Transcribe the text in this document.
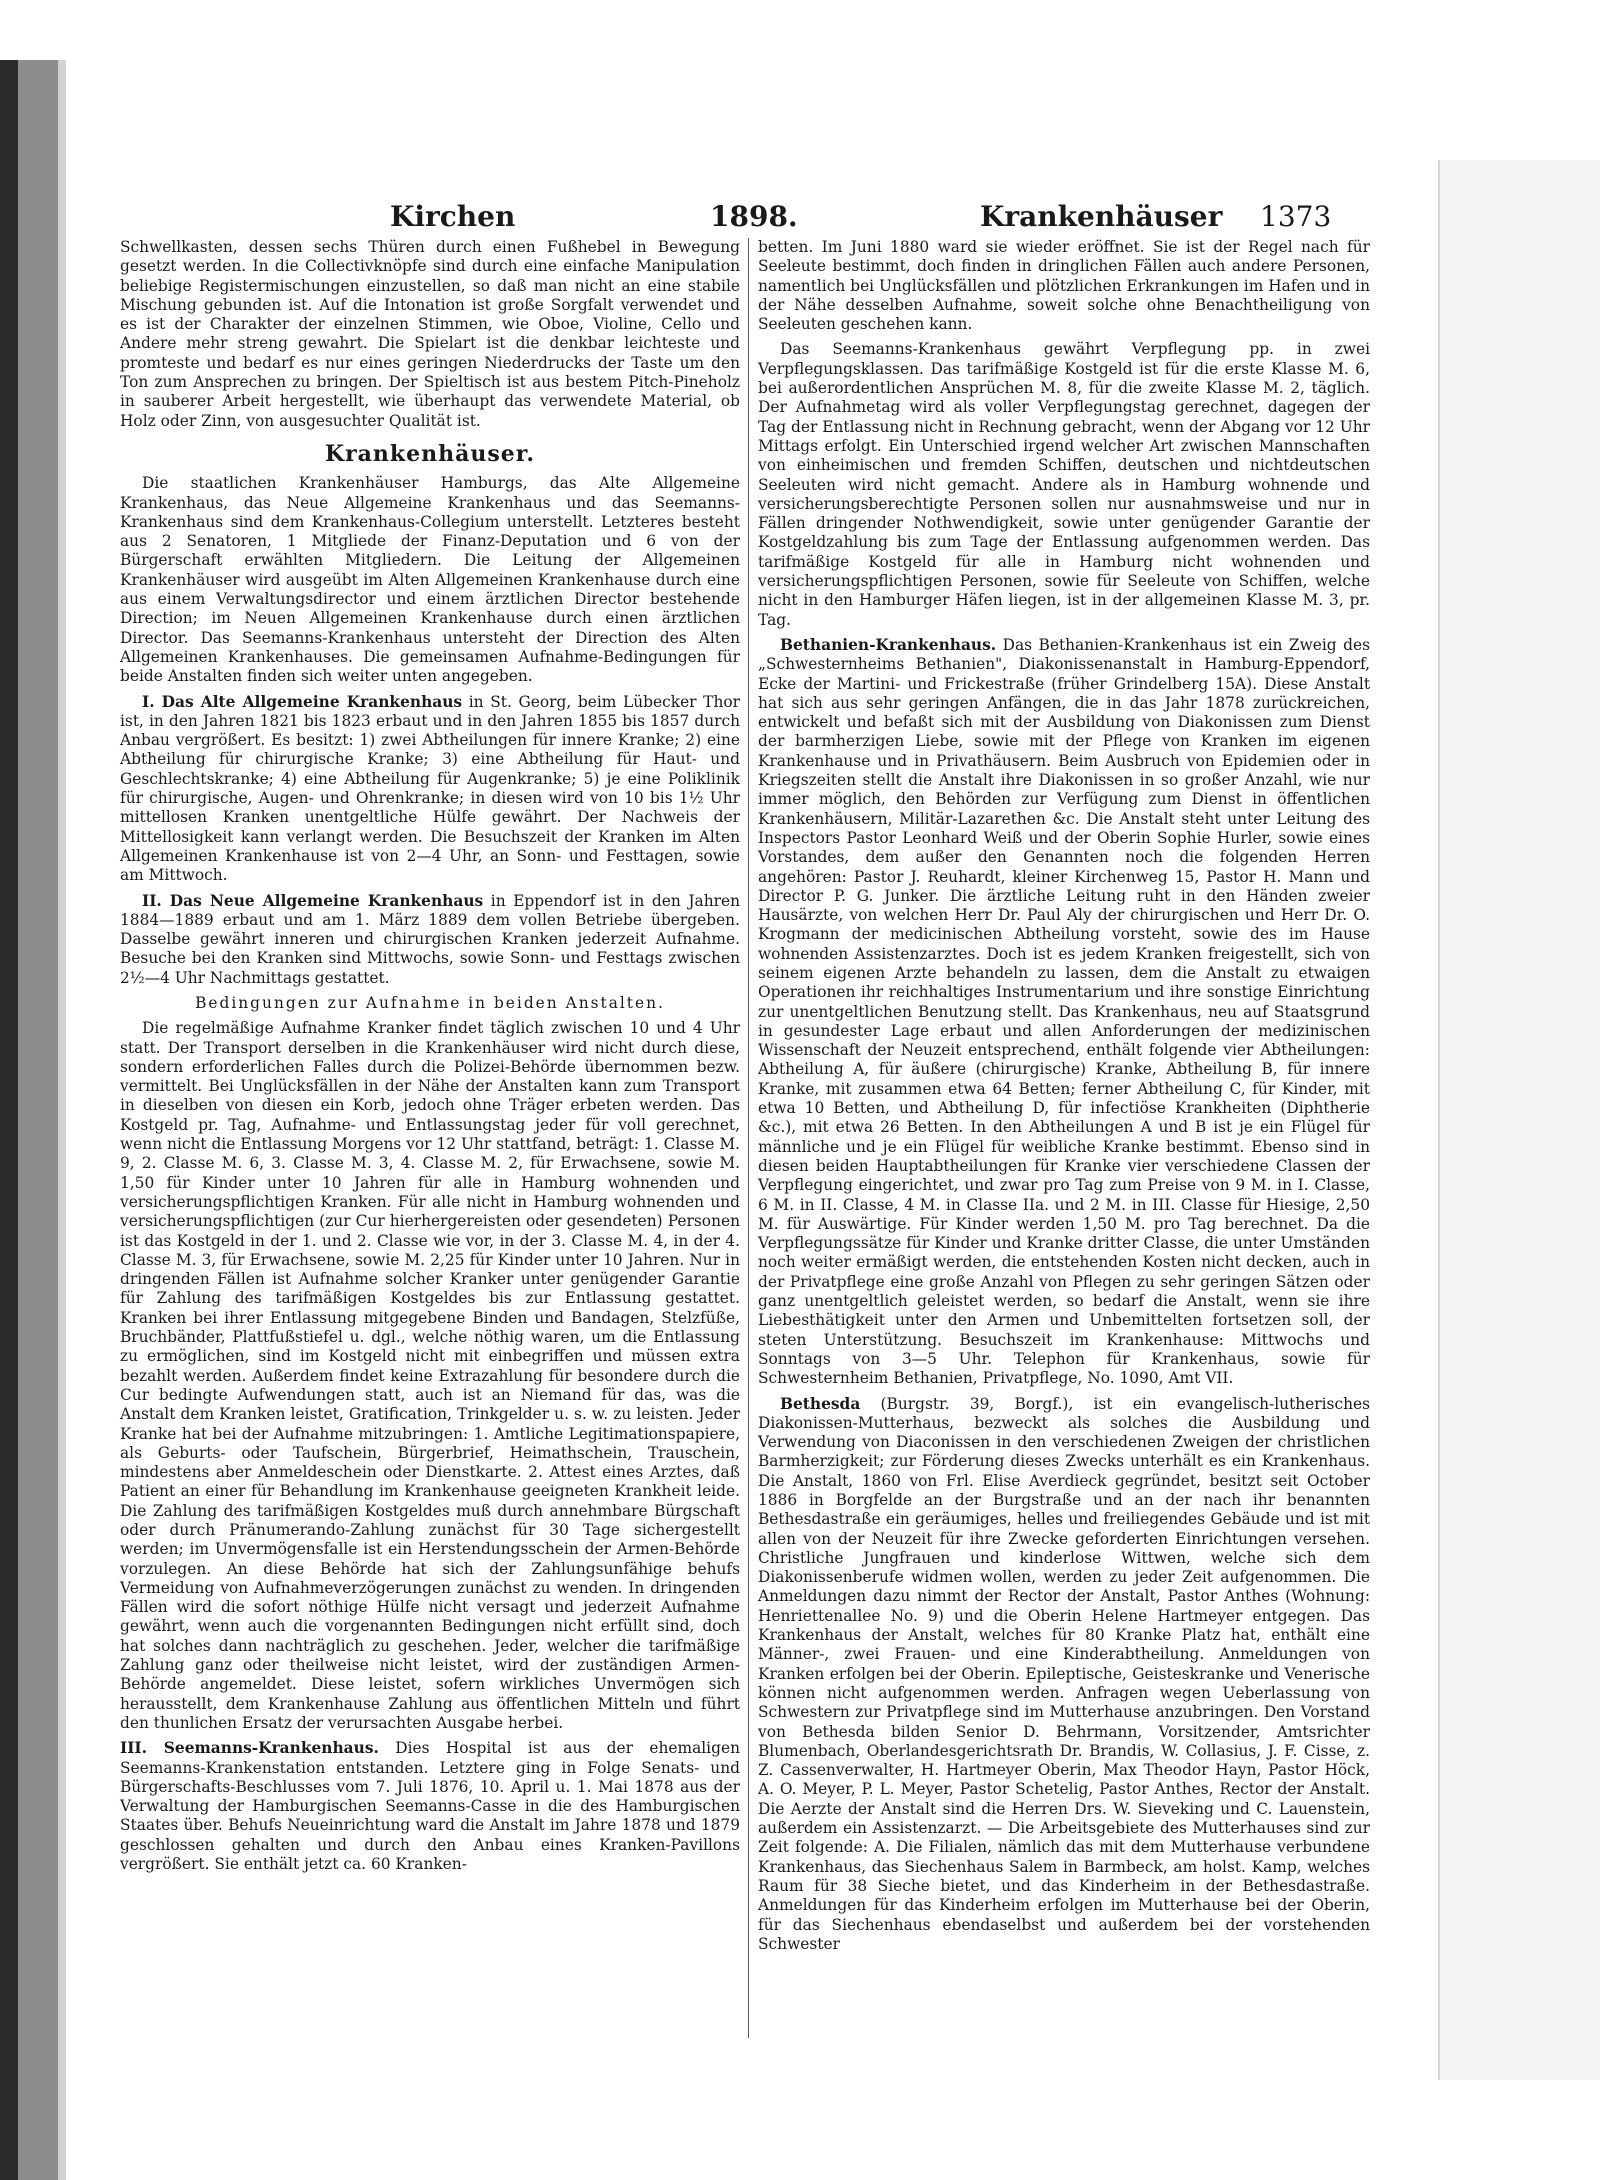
Kirchen	1898.	Krankenhäuser 1373

Schwellkasten, dessen sechs Thüren durch einen Fußhebel in Bewegung gesetzt werden. In die Collectivknöpfe sind durch eine einfache Manipulation beliebige Registermischungen einzustellen, so daß man nicht an eine stabile Mischung gebunden ist. Auf die Intonation ist große Sorgfalt verwendet und es ist der Charakter der einzelnen Stimmen, wie Oboe, Violine, Cello und Andere mehr streng gewahrt. Die Spielart ist die denkbar leichteste und promteste und bedarf es nur eines geringen Niederdrucks der Taste um den Ton zum Ansprechen zu bringen. Der Spieltisch ist aus bestem Pitch-Pineholz in sauberer Arbeit hergestellt, wie überhaupt das verwendete Material, ob Holz oder Zinn, von ausgesuchter Qualität ist.

Krankenhäuser.

Die staatlichen Krankenhäuser Hamburgs, das Alte Allgemeine Krankenhaus, das Neue Allgemeine Krankenhaus und das Seemanns-Krankenhaus sind dem Krankenhaus-Collegium unterstellt. Letzteres besteht aus 2 Senatoren, 1 Mitgliede der Finanz-Deputation und 6 von der Bürgerschaft erwählten Mitgliedern. Die Leitung der Allgemeinen Krankenhäuser wird ausgeübt im Alten Allgemeinen Krankenhause durch eine aus einem Verwaltungsdirector und einem ärztlichen Director bestehende Direction; im Neuen Allgemeinen Krankenhause durch einen ärztlichen Director. Das Seemanns-Krankenhaus untersteht der Direction des Alten Allgemeinen Krankenhauses. Die gemeinsamen Aufnahme-Bedingungen für beide Anstalten finden sich weiter unten angegeben.

I. Das Alte Allgemeine Krankenhaus in St. Georg, beim Lübecker Thor ist, in den Jahren 1821 bis 1823 erbaut und in den Jahren 1855 bis 1857 durch Anbau vergrößert. Es besitzt: 1) zwei Abtheilungen für innere Kranke; 2) eine Abtheilung für chirurgische Kranke; 3) eine Abtheilung für Haut- und Geschlechtskranke; 4) eine Abtheilung für Augenkranke; 5) je eine Poliklinik für chirurgische, Augen- und Ohrenkranke; in diesen wird von 10 bis 1½ Uhr mittellosen Kranken unentgeltliche Hülfe gewährt. Der Nachweis der Mittellosigkeit kann verlangt werden. Die Besuchszeit der Kranken im Alten Allgemeinen Krankenhause ist von 2—4 Uhr, an Sonn- und Festtagen, sowie am Mittwoch.

II. Das Neue Allgemeine Krankenhaus in Eppendorf ist in den Jahren 1884—1889 erbaut und am 1. März 1889 dem vollen Betriebe übergeben. Dasselbe gewährt inneren und chirurgischen Kranken jederzeit Aufnahme. Besuche bei den Kranken sind Mittwochs, sowie Sonn- und Festtags zwischen 2½—4 Uhr Nachmittags gestattet.

Bedingungen zur Aufnahme in beiden Anstalten.

Die regelmäßige Aufnahme Kranker findet täglich zwischen 10 und 4 Uhr statt. Der Transport derselben in die Krankenhäuser wird nicht durch diese, sondern erforderlichen Falles durch die Polizei-Behörde übernommen bezw. vermittelt. Bei Unglücksfällen in der Nähe der Anstalten kann zum Transport in dieselben von diesen ein Korb, jedoch ohne Träger erbeten werden. Das Kostgeld pr. Tag, Aufnahme- und Entlassungstag jeder für voll gerechnet, wenn nicht die Entlassung Morgens vor 12 Uhr stattfand, beträgt: 1. Classe M. 9, 2. Classe M. 6, 3. Classe M. 3, 4. Classe M. 2, für Erwachsene, sowie M. 1,50 für Kinder unter 10 Jahren für alle in Hamburg wohnenden und versicherungspflichtigen Kranken. Für alle nicht in Hamburg wohnenden und versicherungspflichtigen (zur Cur hierhergereisten oder gesendeten) Personen ist das Kostgeld in der 1. und 2. Classe wie vor, in der 3. Classe M. 4, in der 4. Classe M. 3, für Erwachsene, sowie M. 2,25 für Kinder unter 10 Jahren. Nur in dringenden Fällen ist Aufnahme solcher Kranker unter genügender Garantie für Zahlung des tarifmäßigen Kostgeldes bis zur Entlassung gestattet. Kranken bei ihrer Entlassung mitgegebene Binden und Bandagen, Stelzfüße, Bruchbänder, Plattfußstiefel u. dgl., welche nöthig waren, um die Entlassung zu ermöglichen, sind im Kostgeld nicht mit einbegriffen und müssen extra bezahlt werden. Außerdem findet keine Extrazahlung für besondere durch die Cur bedingte Aufwendungen statt, auch ist an Niemand für das, was die Anstalt dem Kranken leistet, Gratification, Trinkgelder u. s. w. zu leisten. Jeder Kranke hat bei der Aufnahme mitzubringen: 1. Amtliche Legitimationspapiere, als Geburts- oder Taufschein, Bürgerbrief, Heimathschein, Trauschein, mindestens aber Anmeldeschein oder Dienstkarte. 2. Attest eines Arztes, daß Patient an einer für Behandlung im Krankenhause geeigneten Krankheit leide. Die Zahlung des tarifmäßigen Kostgeldes muß durch annehmbare Bürgschaft oder durch Pränumerando-Zahlung zunächst für 30 Tage sichergestellt werden; im Unvermögensfalle ist ein Herstendungsschein der Armen-Behörde vorzulegen. An diese Behörde hat sich der Zahlungsunfähige behufs Vermeidung von Aufnahmeverzögerungen zunächst zu wenden. In dringenden Fällen wird die sofort nöthige Hülfe nicht versagt und jederzeit Aufnahme gewährt, wenn auch die vorgenannten Bedingungen nicht erfüllt sind, doch hat solches dann nachträglich zu geschehen. Jeder, welcher die tarifmäßige Zahlung ganz oder theilweise nicht leistet, wird der zuständigen Armen-Behörde angemeldet. Diese leistet, sofern wirkliches Unvermögen sich herausstellt, dem Krankenhause Zahlung aus öffentlichen Mitteln und führt den thunlichen Ersatz der verursachten Ausgabe herbei.

III. Seemanns-Krankenhaus. Dies Hospital ist aus der ehemaligen Seemanns-Krankenstation entstanden. Letztere ging in Folge Senats- und Bürgerschafts-Beschlusses vom 7. Juli 1876, 10. April u. 1. Mai 1878 aus der Verwaltung der Hamburgischen Seemanns-Casse in die des Hamburgischen Staates über. Behufs Neueinrichtung ward die Anstalt im Jahre 1878 und 1879 geschlossen gehalten und durch den Anbau eines Kranken-Pavillons vergrößert. Sie enthält jetzt ca. 60 Kranken-

betten. Im Juni 1880 ward sie wieder eröffnet. Sie ist der Regel nach für Seeleute bestimmt, doch finden in dringlichen Fällen auch andere Personen, namentlich bei Unglücksfällen und plötzlichen Erkrankungen im Hafen und in der Nähe desselben Aufnahme, soweit solche ohne Benachtheiligung von Seeleuten geschehen kann.

Das Seemanns-Krankenhaus gewährt Verpflegung pp. in zwei Verpflegungsklassen. Das tarifmäßige Kostgeld ist für die erste Klasse M. 6, bei außerordentlichen Ansprüchen M. 8, für die zweite Klasse M. 2, täglich. Der Aufnahmetag wird als voller Verpflegungstag gerechnet, dagegen der Tag der Entlassung nicht in Rechnung gebracht, wenn der Abgang vor 12 Uhr Mittags erfolgt. Ein Unterschied irgend welcher Art zwischen Mannschaften von einheimischen und fremden Schiffen, deutschen und nichtdeutschen Seeleuten wird nicht gemacht. Andere als in Hamburg wohnende und versicherungsberechtigte Personen sollen nur ausnahmsweise und nur in Fällen dringender Nothwendigkeit, sowie unter genügender Garantie der Kostgeldzahlung bis zum Tage der Entlassung aufgenommen werden. Das tarifmäßige Kostgeld für alle in Hamburg nicht wohnenden und versicherungspflichtigen Personen, sowie für Seeleute von Schiffen, welche nicht in den Hamburger Häfen liegen, ist in der allgemeinen Klasse M. 3, pr. Tag.

Bethanien-Krankenhaus. Das Bethanien-Krankenhaus ist ein Zweig des „Schwesternheims Bethanien", Diakonissenanstalt in Hamburg-Eppendorf, Ecke der Martini- und Frickestraße (früher Grindelberg 15A). Diese Anstalt hat sich aus sehr geringen Anfängen, die in das Jahr 1878 zurückreichen, entwickelt und befaßt sich mit der Ausbildung von Diakonissen zum Dienst der barmherzigen Liebe, sowie mit der Pflege von Kranken im eigenen Krankenhause und in Privathäusern. Beim Ausbruch von Epidemien oder in Kriegszeiten stellt die Anstalt ihre Diakonissen in so großer Anzahl, wie nur immer möglich, den Behörden zur Verfügung zum Dienst in öffentlichen Krankenhäusern, Militär-Lazarethen &c. Die Anstalt steht unter Leitung des Inspectors Pastor Leonhard Weiß und der Oberin Sophie Hurler, sowie eines Vorstandes, dem außer den Genannten noch die folgenden Herren angehören: Pastor J. Reuhardt, kleiner Kirchenweg 15, Pastor H. Mann und Director P. G. Junker. Die ärztliche Leitung ruht in den Händen zweier Hausärzte, von welchen Herr Dr. Paul Aly der chirurgischen und Herr Dr. O. Krogmann der medicinischen Abtheilung vorsteht, sowie des im Hause wohnenden Assistenzarztes. Doch ist es jedem Kranken freigestellt, sich von seinem eigenen Arzte behandeln zu lassen, dem die Anstalt zu etwaigen Operationen ihr reichhaltiges Instrumentarium und ihre sonstige Einrichtung zur unentgeltlichen Benutzung stellt. Das Krankenhaus, neu auf Staatsgrund in gesundester Lage erbaut und allen Anforderungen der medizinischen Wissenschaft der Neuzeit entsprechend, enthält folgende vier Abtheilungen: Abtheilung A, für äußere (chirurgische) Kranke, Abtheilung B, für innere Kranke, mit zusammen etwa 64 Betten; ferner Abtheilung C, für Kinder, mit etwa 10 Betten, und Abtheilung D, für infectiöse Krankheiten (Diphtherie &c.), mit etwa 26 Betten. In den Abtheilungen A und B ist je ein Flügel für männliche und je ein Flügel für weibliche Kranke bestimmt. Ebenso sind in diesen beiden Hauptabtheilungen für Kranke vier verschiedene Classen der Verpflegung eingerichtet, und zwar pro Tag zum Preise von 9 M. in I. Classe, 6 M. in II. Classe, 4 M. in Classe IIa. und 2 M. in III. Classe für Hiesige, 2,50 M. für Auswärtige. Für Kinder werden 1,50 M. pro Tag berechnet. Da die Verpflegungssätze für Kinder und Kranke dritter Classe, die unter Umständen noch weiter ermäßigt werden, die entstehenden Kosten nicht decken, auch in der Privatpflege eine große Anzahl von Pflegen zu sehr geringen Sätzen oder ganz unentgeltlich geleistet werden, so bedarf die Anstalt, wenn sie ihre Liebesthätigkeit unter den Armen und Unbemittelten fortsetzen soll, der steten Unterstützung. Besuchszeit im Krankenhause: Mittwochs und Sonntags von 3—5 Uhr. Telephon für Krankenhaus, sowie für Schwesternheim Bethanien, Privatpflege, No. 1090, Amt VII.

Bethesda (Burgstr. 39, Borgf.), ist ein evangelisch-lutherisches Diakonissen-Mutterhaus, bezweckt als solches die Ausbildung und Verwendung von Diaconissen in den verschiedenen Zweigen der christlichen Barmherzigkeit; zur Förderung dieses Zwecks unterhält es ein Krankenhaus. Die Anstalt, 1860 von Frl. Elise Averdieck gegründet, besitzt seit October 1886 in Borgfelde an der Burgstraße und an der nach ihr benannten Bethesdastraße ein geräumiges, helles und freiliegendes Gebäude und ist mit allen von der Neuzeit für ihre Zwecke geforderten Einrichtungen versehen. Christliche Jungfrauen und kinderlose Wittwen, welche sich dem Diakonissenberufe widmen wollen, werden zu jeder Zeit aufgenommen. Die Anmeldungen dazu nimmt der Rector der Anstalt, Pastor Anthes (Wohnung: Henriettenallee No. 9) und die Oberin Helene Hartmeyer entgegen. Das Krankenhaus der Anstalt, welches für 80 Kranke Platz hat, enthält eine Männer-, zwei Frauen- und eine Kinderabtheilung. Anmeldungen von Kranken erfolgen bei der Oberin. Epileptische, Geisteskranke und Venerische können nicht aufgenommen werden. Anfragen wegen Ueberlassung von Schwestern zur Privatpflege sind im Mutterhause anzubringen. Den Vorstand von Bethesda bilden Senior D. Behrmann, Vorsitzender, Amtsrichter Blumenbach, Oberlandesgerichtsrath Dr. Brandis, W. Collasius, J. F. Cisse, z. Z. Cassenverwalter, H. Hartmeyer Oberin, Max Theodor Hayn, Pastor Höck, A. O. Meyer, P. L. Meyer, Pastor Schetelig, Pastor Anthes, Rector der Anstalt. Die Aerzte der Anstalt sind die Herren Drs. W. Sieveking und C. Lauenstein, außerdem ein Assistenzarzt. — Die Arbeitsgebiete des Mutterhauses sind zur Zeit folgende: A. Die Filialen, nämlich das mit dem Mutterhause verbundene Krankenhaus, das Siechenhaus Salem in Barmbeck, am holst. Kamp, welches Raum für 38 Sieche bietet, und das Kinderheim in der Bethesdastraße. Anmeldungen für das Kinderheim erfolgen im Mutterhause bei der Oberin, für das Siechenhaus ebendaselbst und außerdem bei der vorstehenden Schwester
